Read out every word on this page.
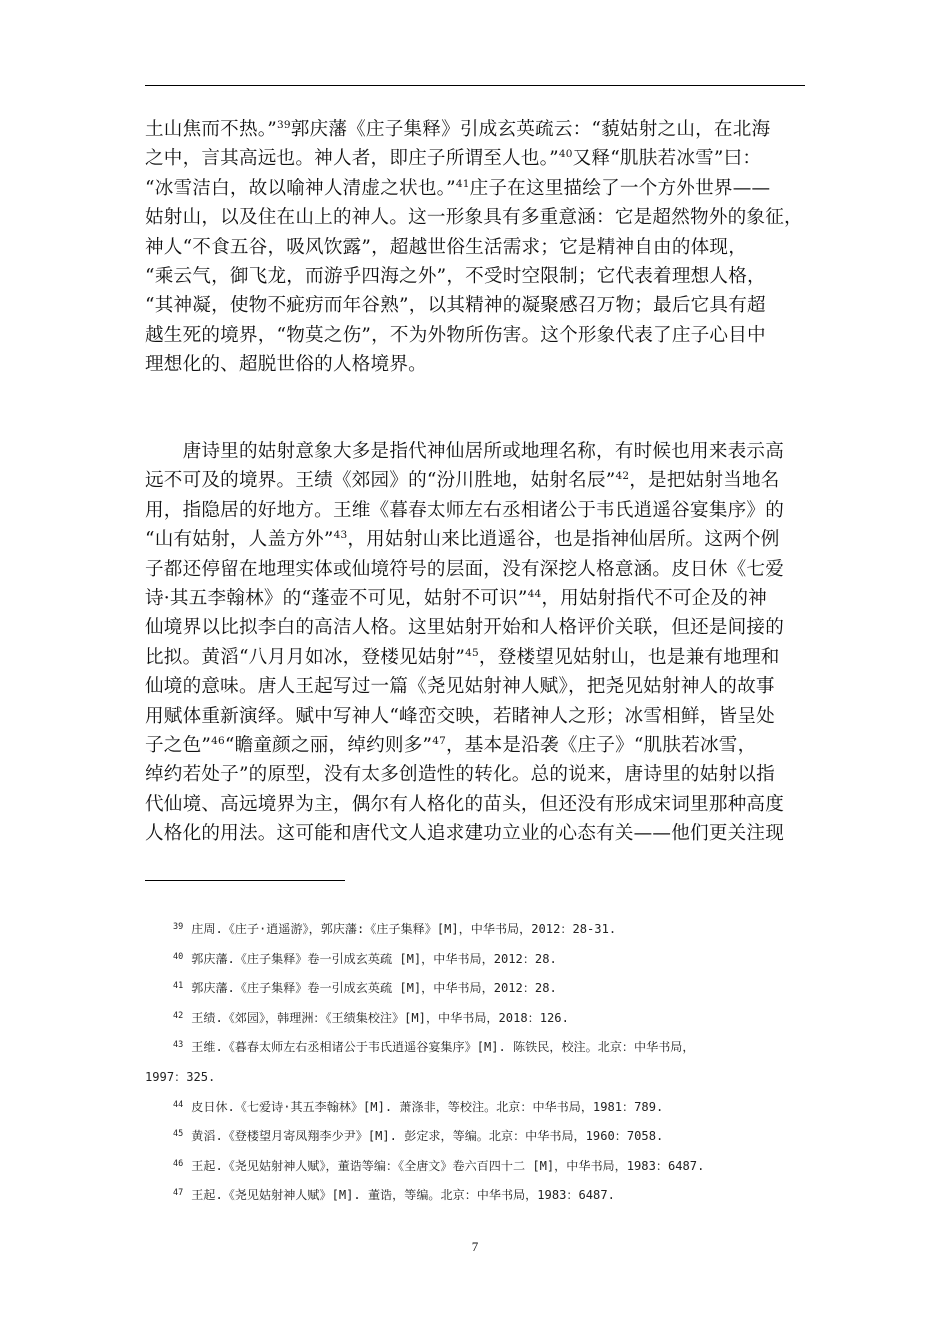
土山焦而不热。”$^{39}$郭庆藩《庄子集释》引成玄英疏云：“藐姑射之山，在北海
之中，言其高远也。神人者，即庄子所谓至人也。”$^{40}$又释“肌肤若冰雪”曰：
“冰雪洁白，故以喻神人清虚之状也。”$^{41}$庄子在这里描绘了一个方外世界——
姑射山，以及住在山上的神人。这一形象具有多重意涵：它是超然物外的象征，
神人“不食五谷，吸风饮露”，超越世俗生活需求；它是精神自由的体现，
“乘云气，御飞龙，而游乎四海之外”，不受时空限制；它代表着理想人格，
“其神凝，使物不疵疠而年谷熟”，以其精神的凝聚感召万物；最后它具有超
越生死的境界，“物莫之伤”，不为外物所伤害。这个形象代表了庄子心目中
理想化的、超脱世俗的人格境界。
　　唐诗里的姑射意象大多是指代神仙居所或地理名称，有时候也用来表示高
远不可及的境界。王绩《郊园》的“汾川胜地，姑射名辰”$^{42}$，是把姑射当地名
用，指隐居的好地方。王维《暮春太师左右丞相诸公于韦氏逍遥谷宴集序》的
“山有姑射，人盖方外”$^{43}$，用姑射山来比逍遥谷，也是指神仙居所。这两个例
子都还停留在地理实体或仙境符号的层面，没有深挖人格意涵。皮日休《七爱
诗·其五李翰林》的“蓬壶不可见，姑射不可识”$^{44}$，用姑射指代不可企及的神
仙境界以比拟李白的高洁人格。这里姑射开始和人格评价关联，但还是间接的
比拟。黄滔“八月月如冰，登楼见姑射”$^{45}$，登楼望见姑射山，也是兼有地理和
仙境的意味。唐人王起写过一篇《尧见姑射神人赋》，把尧见姑射神人的故事
用赋体重新演绎。赋中写神人“峰峦交映，若睹神人之形；冰雪相鲜，皆呈处
子之色”$^{46}$“瞻童颜之丽，绰约则多”$^{47}$，基本是沿袭《庄子》“肌肤若冰雪，
绰约若处子”的原型，没有太多创造性的转化。总的说来，唐诗里的姑射以指
代仙境、高远境界为主，偶尔有人格化的苗头，但还没有形成宋词里那种高度
人格化的用法。这可能和唐代文人追求建功立业的心态有关——他们更关注现
$^{39}$ 庄周.《庄子·逍遥游》，郭庆藩:《庄子集释》[M]，中华书局，2012：28-31.
$^{40}$ 郭庆藩.《庄子集释》卷一引成玄英疏 [M]，中华书局，2012：28.
$^{41}$ 郭庆藩.《庄子集释》卷一引成玄英疏 [M]，中华书局，2012：28.
$^{42}$ 王绩.《郊园》，韩理洲：《王绩集校注》[M]，中华书局，2018：126.
$^{43}$ 王维.《暮春太师左右丞相诸公于韦氏逍遥谷宴集序》[M]. 陈铁民，校注。北京：中华书局，
1997：325.
$^{44}$ 皮日休.《七爱诗·其五李翰林》[M]. 萧涤非，等校注。北京：中华书局，1981：789.
$^{45}$ 黄滔.《登楼望月寄凤翔李少尹》[M]. 彭定求，等编。北京：中华书局，1960：7058.
$^{46}$ 王起.《尧见姑射神人赋》，董诰等编：《全唐文》卷六百四十二 [M]，中华书局，1983：6487.
$^{47}$ 王起.《尧见姑射神人赋》[M]. 董诰，等编。北京：中华书局，1983：6487.
7
